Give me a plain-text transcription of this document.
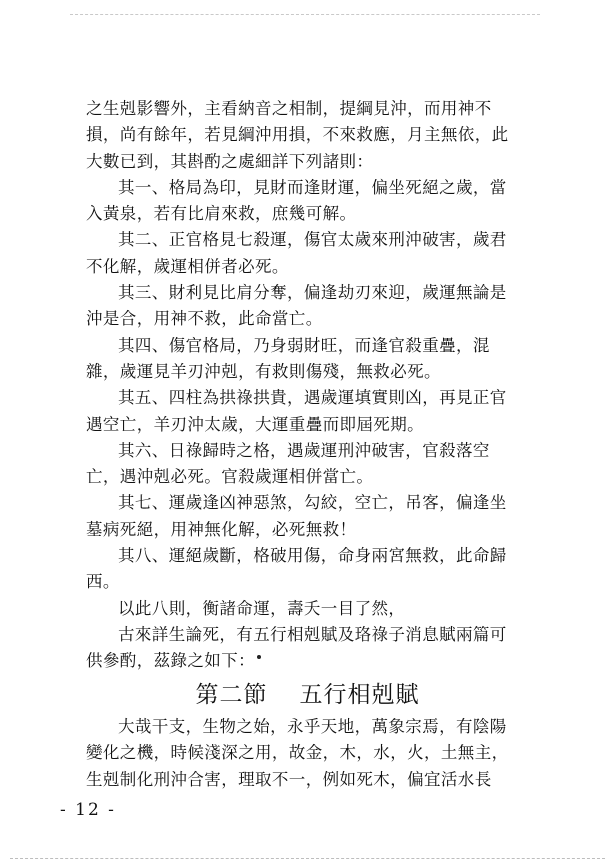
之生剋影響外，主看納音之相制，提綱見沖，而用神不
損，尚有餘年，若見綱沖用損，不來救應，月主無依，此
大數已到，其斟酌之處細詳下列諸則：
其一、格局為印，見財而逢財運，偏坐死絕之歲，當
入黃泉，若有比肩來救，庶幾可解。
其二、正官格見七殺運，傷官太歲來刑沖破害，歲君
不化解，歲運相併者必死。
其三、財利見比肩分奪，偏逢劫刃來迎，歲運無論是
沖是合，用神不救，此命當亡。
其四、傷官格局，乃身弱財旺，而逢官殺重疊，混
雜，歲運見羊刃沖剋，有救則傷殘，無救必死。
其五、四柱為拱祿拱貴，遇歲運填實則凶，再見正官
遇空亡，羊刃沖太歲，大運重疊而即屆死期。
其六、日祿歸時之格，遇歲運刑沖破害，官殺落空
亡，遇沖剋必死。官殺歲運相併當亡。
其七、運歲逢凶神惡煞，勾絞，空亡，吊客，偏逢坐
墓病死絕，用神無化解，必死無救！
其八、運絕歲斷，格破用傷，命身兩宮無救，此命歸
西。
以此八則，衡諸命運，壽夭一目了然，
古來詳生論死，有五行相剋賦及珞祿子消息賦兩篇可
供參酌，茲錄之如下：
第二節 五行相剋賦
大哉干支，生物之始，永乎天地，萬象宗焉，有陰陽
變化之機，時候淺深之用，故金，木，水，火，土無主，
生剋制化刑沖合害，理取不一，例如死木，偏宜活水長
- 12 -
